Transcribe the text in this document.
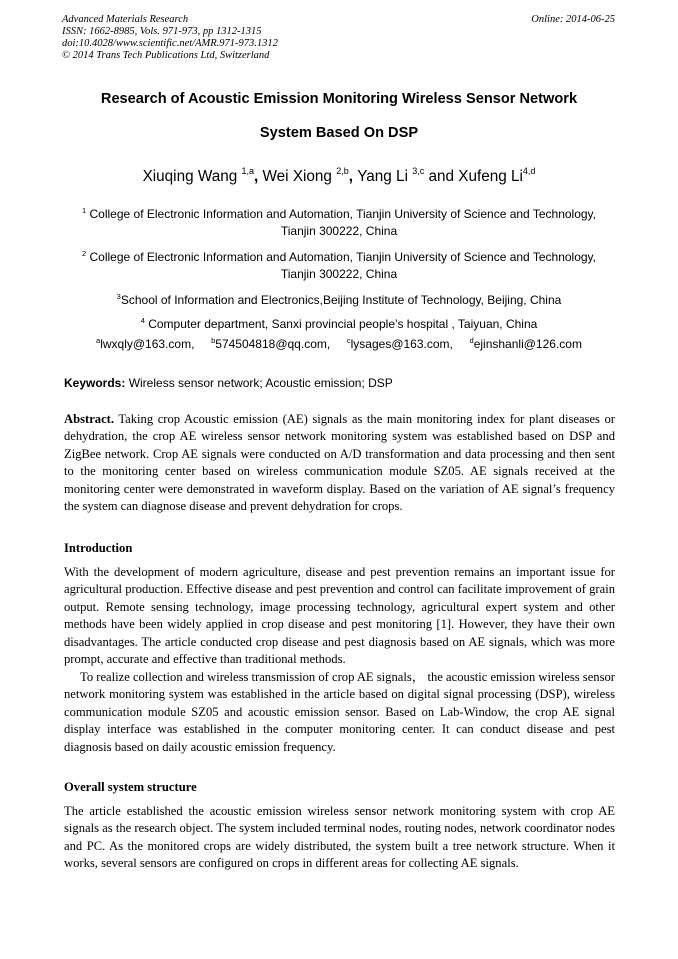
Advanced Materials Research
ISSN: 1662-8985, Vols. 971-973, pp 1312-1315
doi:10.4028/www.scientific.net/AMR.971-973.1312
© 2014 Trans Tech Publications Ltd, Switzerland
Online: 2014-06-25
Research of Acoustic Emission Monitoring Wireless Sensor Network
System Based On DSP
Xiuqing Wang $^{1,a}$, Wei Xiong $^{2,b}$, Yang Li $^{3,c}$ and Xufeng Li$^{4,d}$
$^1$ College of Electronic Information and Automation, Tianjin University of Science and Technology,
Tianjin 300222, China
$^2$ College of Electronic Information and Automation, Tianjin University of Science and Technology,
Tianjin 300222, China
$^3$School of Information and Electronics,Beijing Institute of Technology, Beijing, China
$^4$ Computer department, Sanxi provincial people’s hospital , Taiyuan, China
$^a$lwxqly@163.com, $^b$574504818@qq.com, $^c$lysages@163.com, $^d$ejinshanli@126.com
Keywords: Wireless sensor network; Acoustic emission; DSP
Abstract. Taking crop Acoustic emission (AE) signals as the main monitoring index for plant diseases or dehydration, the crop AE wireless sensor network monitoring system was established based on DSP and ZigBee network. Crop AE signals were conducted on A/D transformation and data processing and then sent to the monitoring center based on wireless communication module SZ05. AE signals received at the monitoring center were demonstrated in waveform display. Based on the variation of AE signal’s frequency the system can diagnose disease and prevent dehydration for crops.
Introduction
With the development of modern agriculture, disease and pest prevention remains an important issue for agricultural production. Effective disease and pest prevention and control can facilitate improvement of grain output. Remote sensing technology, image processing technology, agricultural expert system and other methods have been widely applied in crop disease and pest monitoring [1]. However, they have their own disadvantages. The article conducted crop disease and pest diagnosis based on AE signals, which was more prompt, accurate and effective than traditional methods.
To realize collection and wireless transmission of crop AE signals， the acoustic emission wireless sensor network monitoring system was established in the article based on digital signal processing (DSP), wireless communication module SZ05 and acoustic emission sensor. Based on Lab-Window, the crop AE signal display interface was established in the computer monitoring center. It can conduct disease and pest diagnosis based on daily acoustic emission frequency.
Overall system structure
The article established the acoustic emission wireless sensor network monitoring system with crop AE signals as the research object. The system included terminal nodes, routing nodes, network coordinator nodes and PC. As the monitored crops are widely distributed, the system built a tree network structure. When it works, several sensors are configured on crops in different areas for collecting AE signals.
